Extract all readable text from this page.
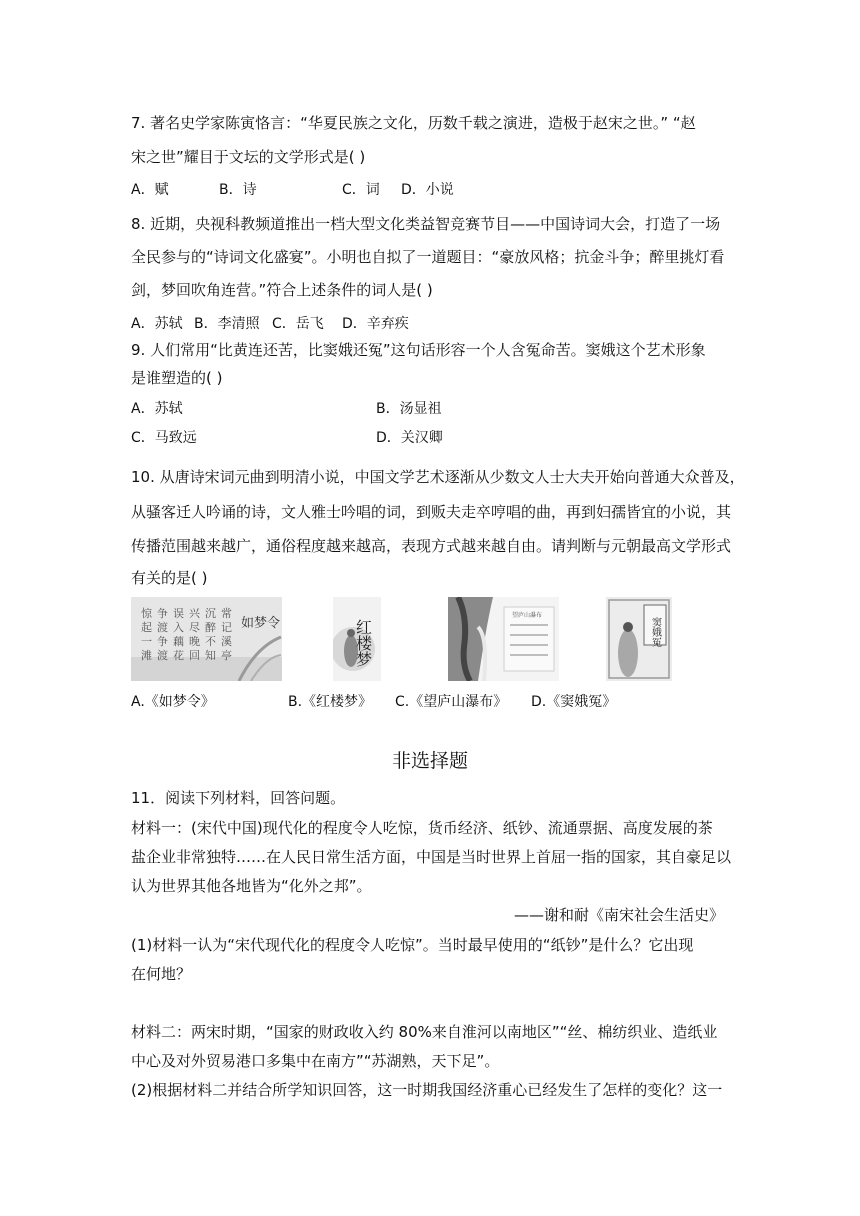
7. 著名史学家陈寅恪言：“华夏民族之文化，历数千载之演进，造极于赵宋之世。” “赵
宋之世”耀目于文坛的文学形式是( )
A．赋	B．诗	C．词 D．小说
8. 近期，央视科教频道推出一档大型文化类益智竞赛节目——中国诗词大会，打造了一场
全民参与的“诗词文化盛宴”。小明也自拟了一道题目：“豪放风格；抗金斗争；醉里挑灯看
剑，梦回吹角连营。”符合上述条件的词人是( )
A．苏轼 B．李清照 C．岳飞 D．辛弃疾
9. 人们常用“比黄连还苦，比窦娥还冤”这句话形容一个人含冤命苦。窦娥这个艺术形象
是谁塑造的( )
A．苏轼	B．汤显祖
C．马致远	D．关汉卿
10. 从唐诗宋词元曲到明清小说，中国文学艺术逐渐从少数文人士大夫开始向普通大众普及，
从骚客迁人吟诵的诗，文人雅士吟唱的词，到贩夫走卒哼唱的曲，再到妇孺皆宜的小说，其
传播范围越来越广，通俗程度越来越高，表现方式越来越自由。请判断与元朝最高文学形式
有关的是( )
惊
起
一
滩
争
渡
争
渡
误
入
藕
花
兴
尽
晚
回
沉
醉
不
知
常
记
溪
亭
如梦令	红楼梦
望庐山瀑布
窦娥冤
A.《如梦令》	B.《红楼梦》 C.《望庐山瀑布》 D.《窦娥冤》
非选择题
11．阅读下列材料，回答问题。
材料一：(宋代中国)现代化的程度令人吃惊，货币经济、纸钞、流通票据、高度发展的茶
盐企业非常独特……在人民日常生活方面，中国是当时世界上首屈一指的国家，其自豪足以
认为世界其他各地皆为“化外之邦”。
——谢和耐《南宋社会生活史》
(1)材料一认为“宋代现代化的程度令人吃惊”。当时最早使用的“纸钞”是什么？它出现
在何地？
材料二：两宋时期，“国家的财政收入约 80%来自淮河以南地区”“丝、棉纺织业、造纸业
中心及对外贸易港口多集中在南方”“苏湖熟，天下足”。
(2)根据材料二并结合所学知识回答，这一时期我国经济重心已经发生了怎样的变化？这一
